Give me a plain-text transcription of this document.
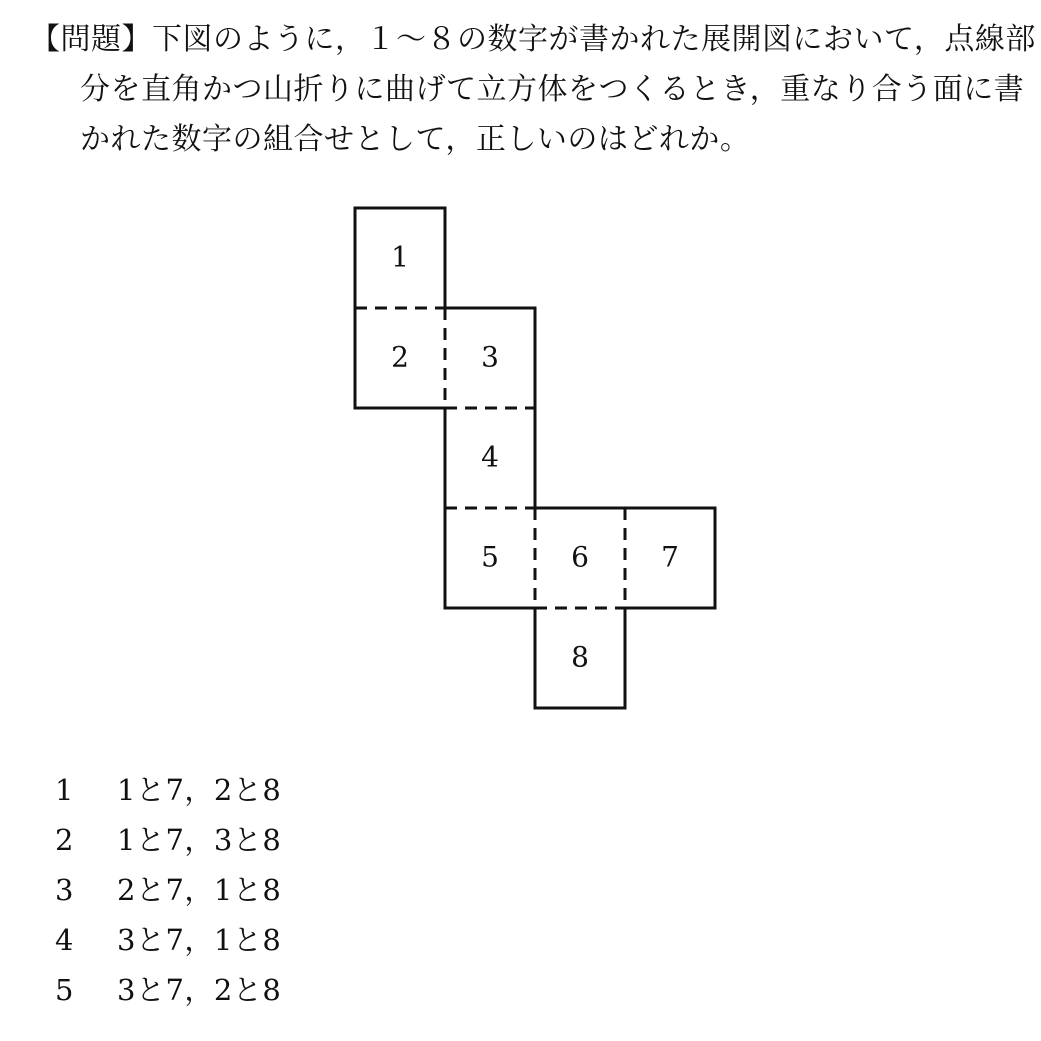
【問題】下図のように，１～８の数字が書かれた展開図において，点線部
分を直角かつ山折りに曲げて立方体をつくるとき，重なり合う面に書
かれた数字の組合せとして，正しいのはどれか。
1
2	3
4
5	6	7
8
1	1と7，2と8
2	1と7，3と8
3	2と7，1と8
4	3と7，1と8
5	3と7，2と8
